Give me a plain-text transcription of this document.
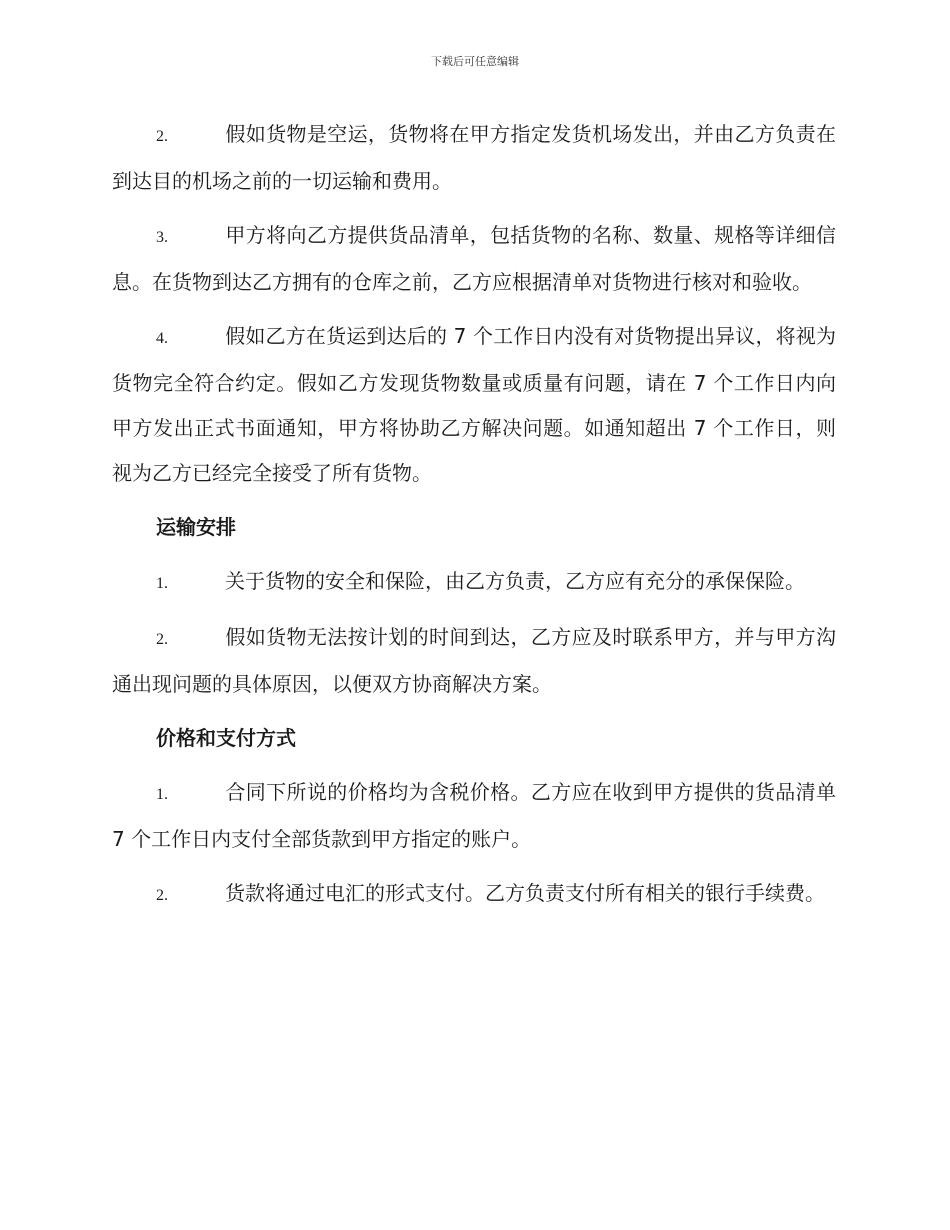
下载后可任意编辑

2.	假如货物是空运，货物将在甲方指定发货机场发出，并由乙方负责在到达目的机场之前的一切运输和费用。

3.	甲方将向乙方提供货品清单，包括货物的名称、数量、规格等详细信息。在货物到达乙方拥有的仓库之前，乙方应根据清单对货物进行核对和验收。

4.	假如乙方在货运到达后的 7 个工作日内没有对货物提出异议，将视为货物完全符合约定。假如乙方发现货物数量或质量有问题，请在 7 个工作日内向甲方发出正式书面通知，甲方将协助乙方解决问题。如通知超出 7 个工作日，则视为乙方已经完全接受了所有货物。

运输安排

1.	关于货物的安全和保险，由乙方负责，乙方应有充分的承保保险。

2.	假如货物无法按计划的时间到达，乙方应及时联系甲方，并与甲方沟通出现问题的具体原因，以便双方协商解决方案。

价格和支付方式

1.	合同下所说的价格均为含税价格。乙方应在收到甲方提供的货品清单 7 个工作日内支付全部货款到甲方指定的账户。

2.	货款将通过电汇的形式支付。乙方负责支付所有相关的银行手续费。
